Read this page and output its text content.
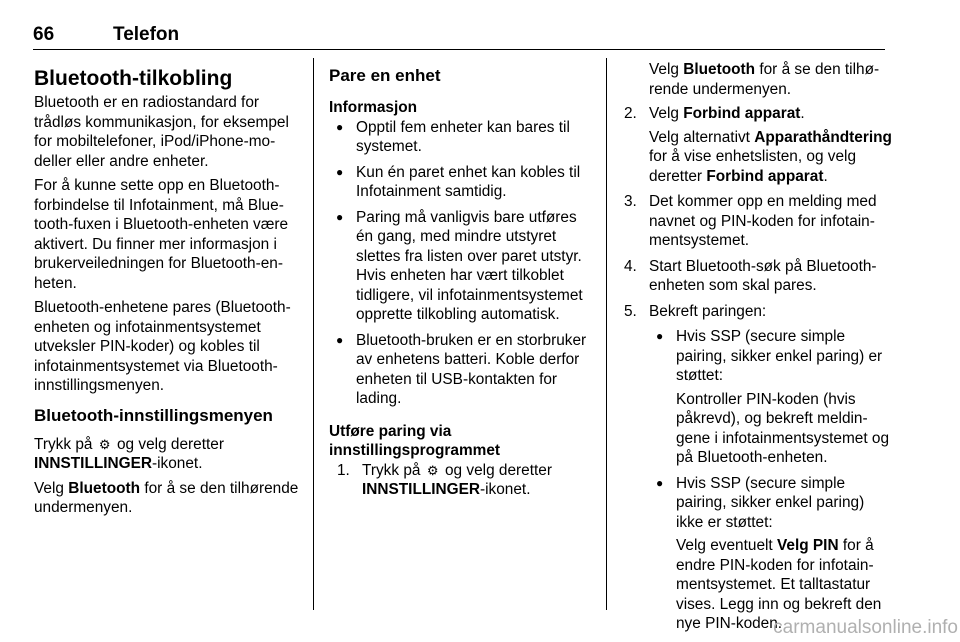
66	Telefon
Bluetooth-tilkobling

Bluetooth er en radiostandard for trådløs kommunikasjon, for eksempel for mobiltelefoner, iPod/iPhone-modeller eller andre enheter.

For å kunne sette opp en Bluetooth-forbindelse til Infotainment, må Bluetooth-fuxen i Bluetooth-enheten være aktivert. Du finner mer informasjon i brukerveiledningen for Bluetooth-enheten.

Bluetooth-enhetene pares (Bluetooth-enheten og infotainmentsystemet utveksler PIN-koder) og kobles til infotainmentsystemet via Bluetooth-innstillingsmenyen.

Bluetooth-innstillingsmenyen

Trykk på ⚙ og velg deretter
INNSTILLINGER-ikonet.

Velg Bluetooth for å se den tilhørende undermenyen.

Pare en enhet
Informasjon
● Opptil fem enheter kan bares til systemet.
● Kun én paret enhet kan kobles til Infotainment samtidig.
● Paring må vanligvis bare utføres én gang, med mindre utstyret slettes fra listen over paret utstyr. Hvis enheten har vært tilkoblet tidligere, vil infotainmentsystemet opprette tilkobling automatisk.
● Bluetooth-bruken er en storbruker av enhetens batteri. Koble derfor enheten til USB-kontakten for lading.
Utføre paring via innstillingsprogrammet
1. Trykk på ⚙ og velg deretter
INNSTILLINGER-ikonet.

Velg Bluetooth for å se den tilhørende undermenyen.

2. Velg Forbind apparat.

Velg alternativt Apparathåndtering for å vise enhetslisten, og velg deretter Forbind apparat.

3. Det kommer opp en melding med navnet og PIN-koden for infotainmentsystemet.
4. Start Bluetooth-søk på Bluetooth-enheten som skal pares.
5. Bekreft paringen:
● Hvis SSP (secure simple pairing, sikker enkel paring) er støttet:

Kontroller PIN-koden (hvis påkrevd), og bekreft meldingene i infotainmentsystemet og på Bluetooth-enheten.

● Hvis SSP (secure simple pairing, sikker enkel paring) ikke er støttet:

Velg eventuelt Velg PIN for å endre PIN-koden for infotainmentsystemet. Et talltastatur vises. Legg inn og bekreft den nye PIN-koden.

carmanualsonline.info
